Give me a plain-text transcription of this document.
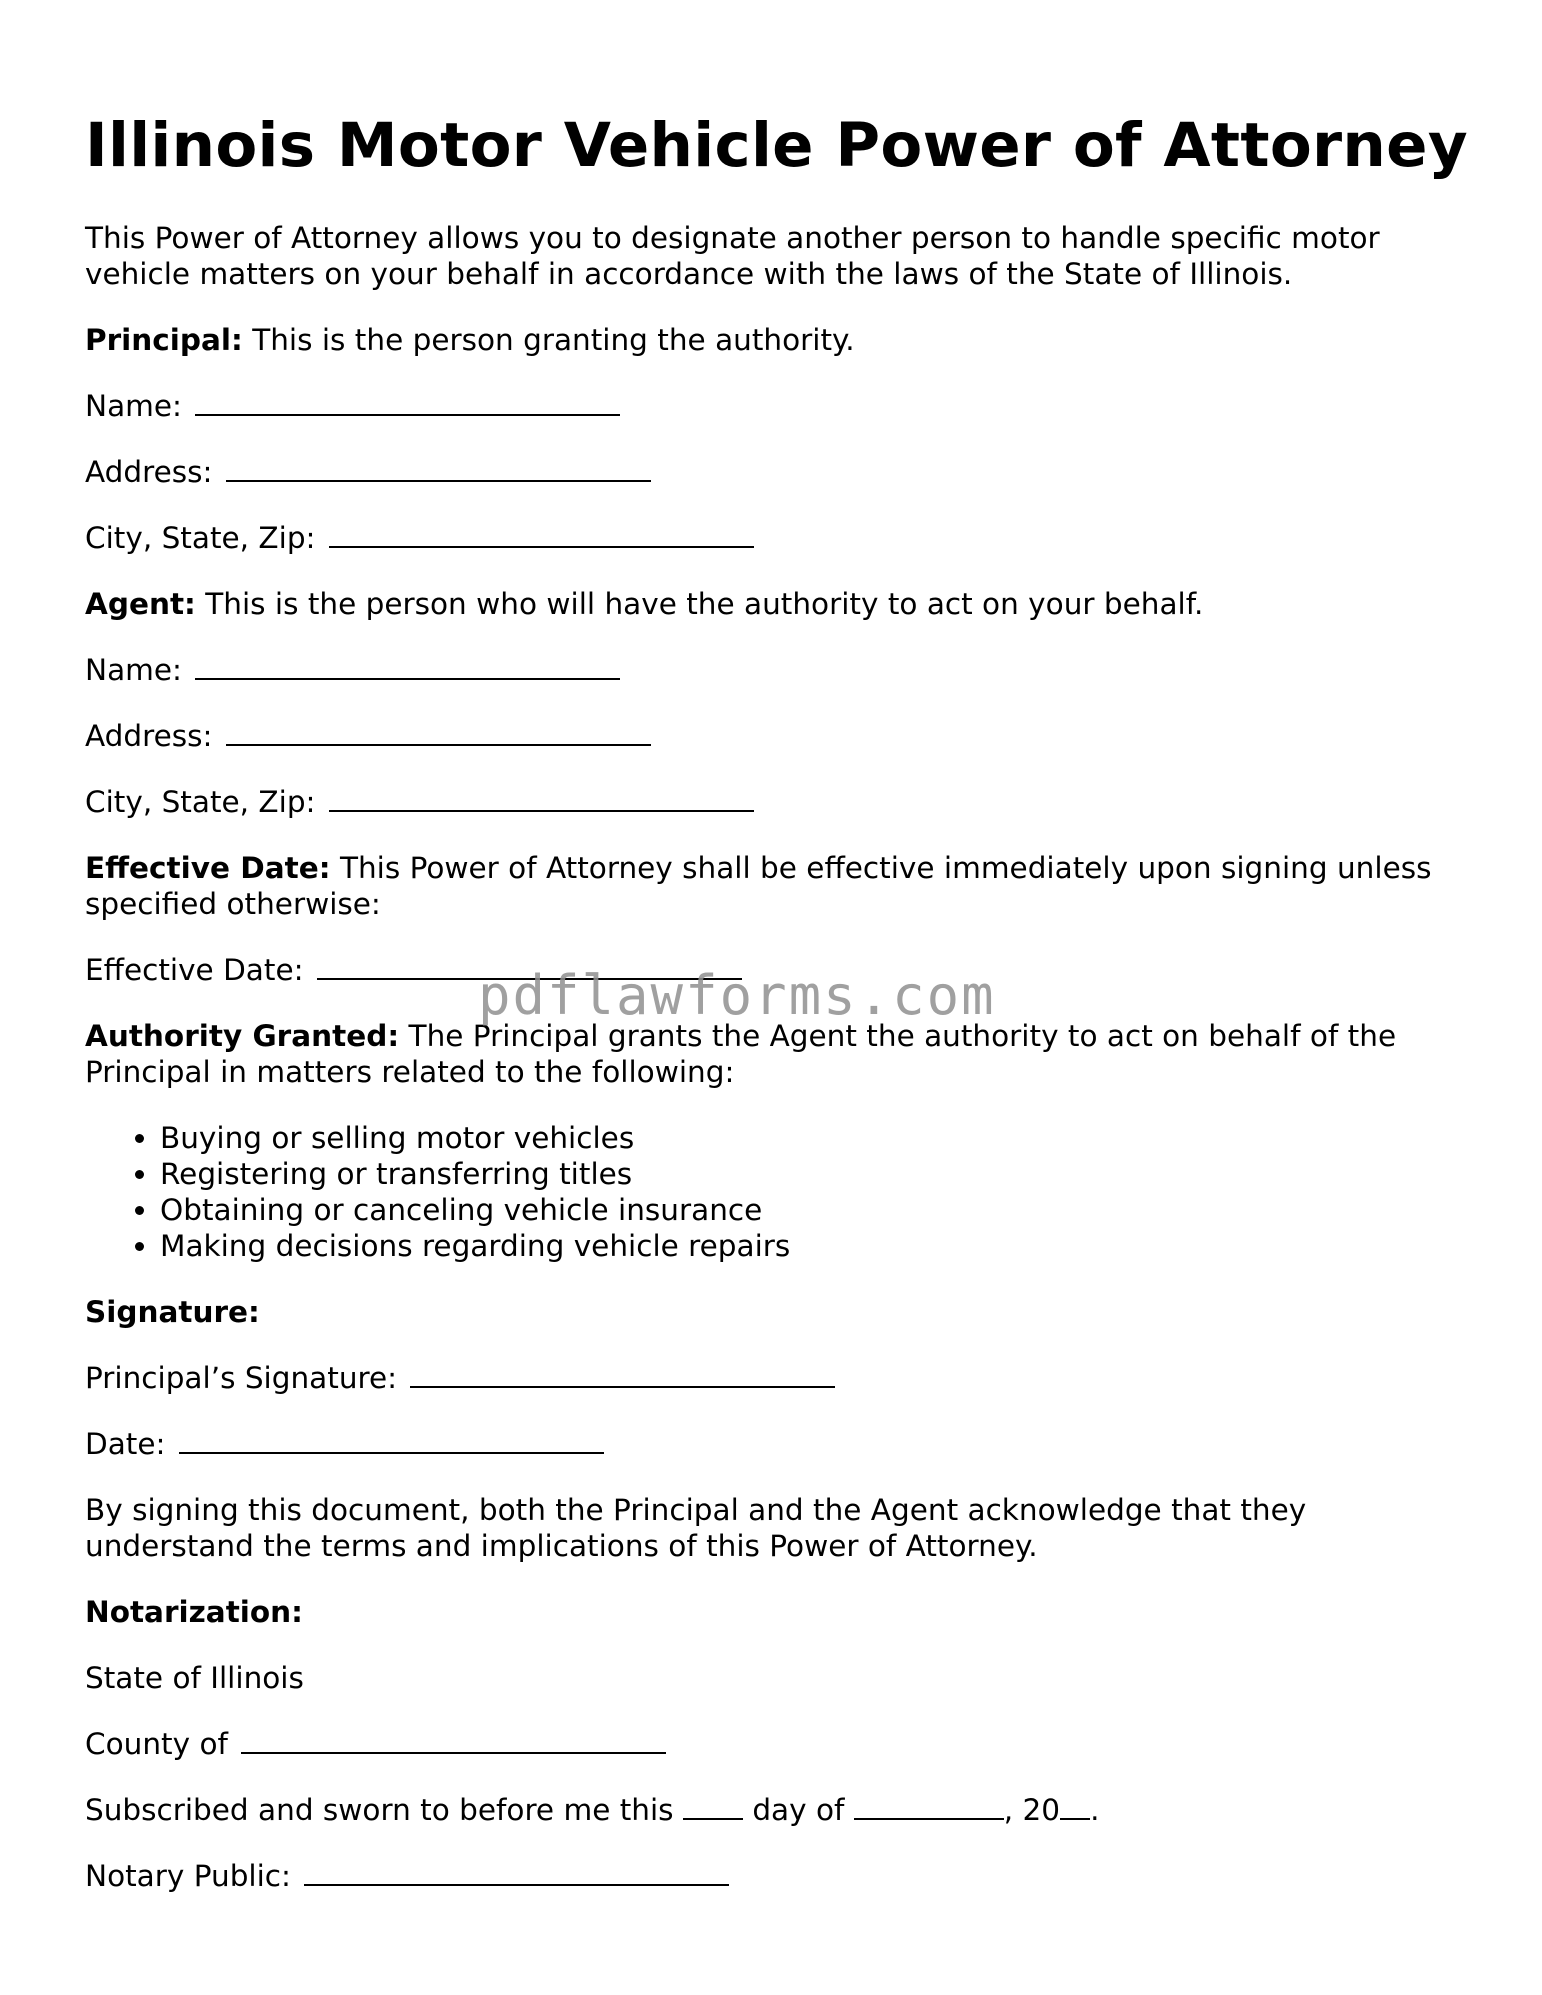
Illinois Motor Vehicle Power of Attorney

This Power of Attorney allows you to designate another person to handle specific motor

vehicle matters on your behalf in accordance with the laws of the State of Illinois.

Principal: This is the person granting the authority.

Name:

Address:

City, State, Zip:

Agent: This is the person who will have the authority to act on your behalf.

Name:

Address:

City, State, Zip:

Effective Date: This Power of Attorney shall be effective immediately upon signing unless

specified otherwise:

Effective Date:

Authority Granted: The Principal grants the Agent the authority to act on behalf of the

Principal in matters related to the following:

• Buying or selling motor vehicles
• Registering or transferring titles
• Obtaining or canceling vehicle insurance
• Making decisions regarding vehicle repairs

Signature:

Principal’s Signature:

Date:

By signing this document, both the Principal and the Agent acknowledge that they

understand the terms and implications of this Power of Attorney.

Notarization:

State of Illinois

County of

Subscribed and sworn to before me this  day of	, 20 .

Notary Public:

pdflawforms.com
